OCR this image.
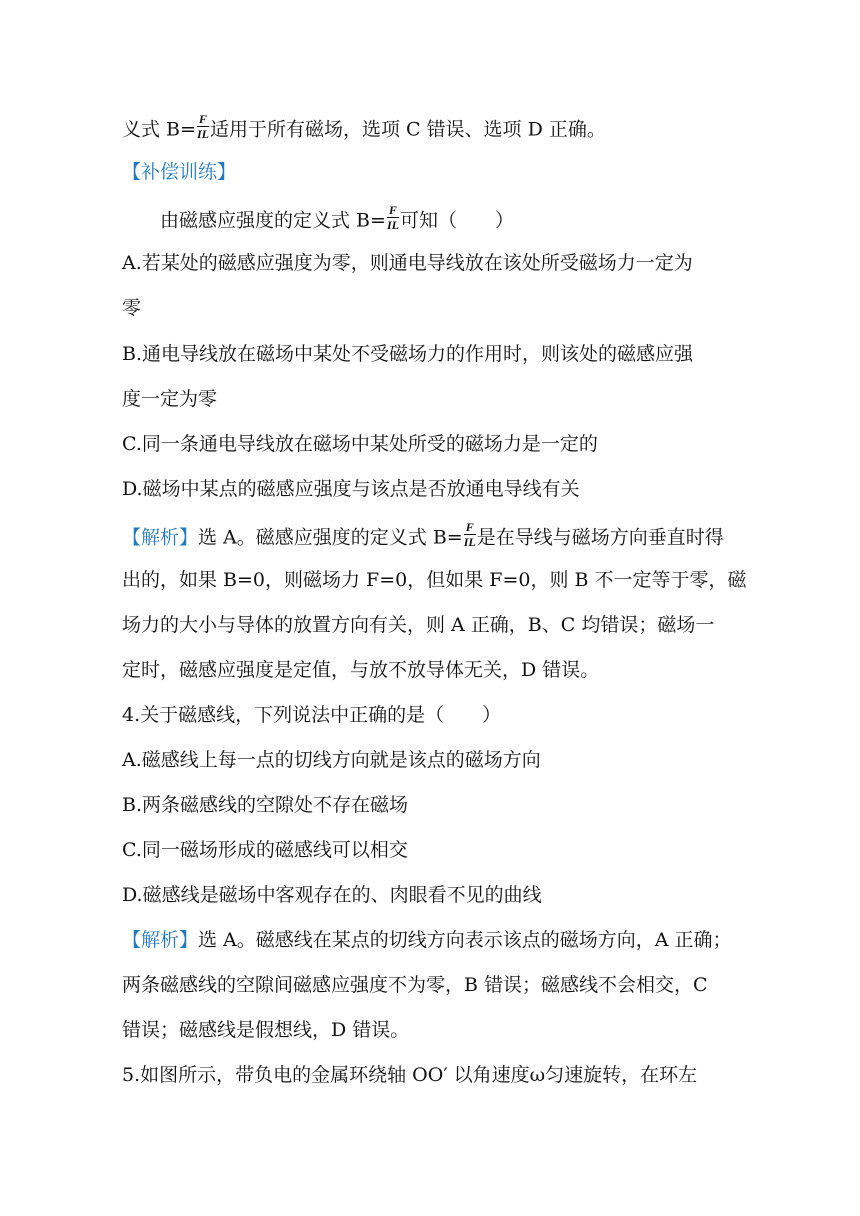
义式 $B= \frac{F}{IL}$ 适用于所有磁场，选项 C 错误、选项 D 正确。
【补偿训练】
由磁感应强度的定义式 $B= \frac{F}{IL}$ 可知（　　）
A.若某处的磁感应强度为零，则通电导线放在该处所受磁场力一定为
零
B.通电导线放在磁场中某处不受磁场力的作用时，则该处的磁感应强
度一定为零
C.同一条通电导线放在磁场中某处所受的磁场力是一定的
D.磁场中某点的磁感应强度与该点是否放通电导线有关
【解析】选 A。磁感应强度的定义式 $B= \frac{F}{IL}$ 是在导线与磁场方向垂直时得
出的，如果 B=0，则磁场力 F=0，但如果 F=0，则 B 不一定等于零，磁
场力的大小与导体的放置方向有关，则 A 正确，B、C 均错误；磁场一
定时，磁感应强度是定值，与放不放导体无关，D 错误。
4.关于磁感线，下列说法中正确的是（　　）
A.磁感线上每一点的切线方向就是该点的磁场方向
B.两条磁感线的空隙处不存在磁场
C.同一磁场形成的磁感线可以相交
D.磁感线是磁场中客观存在的、肉眼看不见的曲线
【解析】选 A。磁感线在某点的切线方向表示该点的磁场方向，A 正确；
两条磁感线的空隙间磁感应强度不为零，B 错误；磁感线不会相交，C
错误；磁感线是假想线，D 错误。
5.如图所示，带负电的金属环绕轴 OO′ 以角速度ω匀速旋转，在环左
